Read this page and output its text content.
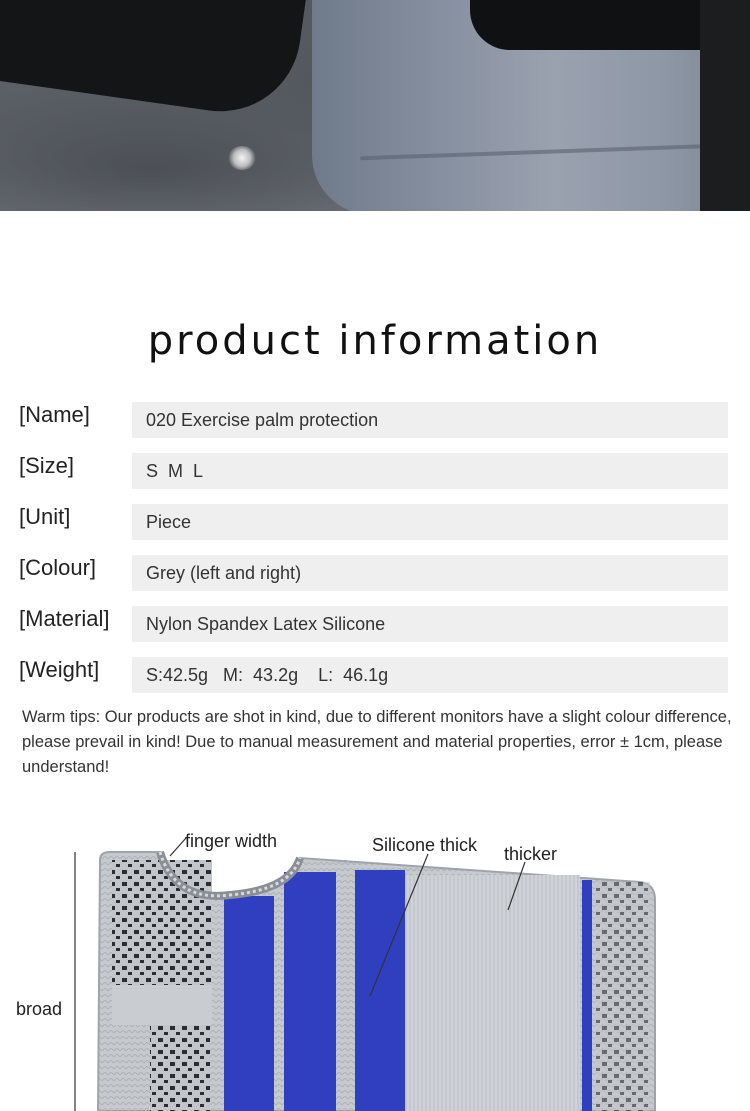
product information
[Name]	020 Exercise palm protection
[Size]	S  M  L
[Unit]	Piece
[Colour]	Grey (left and right)
[Material] Nylon Spandex Latex Silicone
[Weight]	S:42.5g   M:  43.2g    L:  46.1g
Warm tips: Our products are shot in kind, due to different monitors have a slight colour difference, please prevail in kind! Due to manual measurement and material properties, error ± 1cm, please understand!
finger width	Silicone thick thicker
broad
